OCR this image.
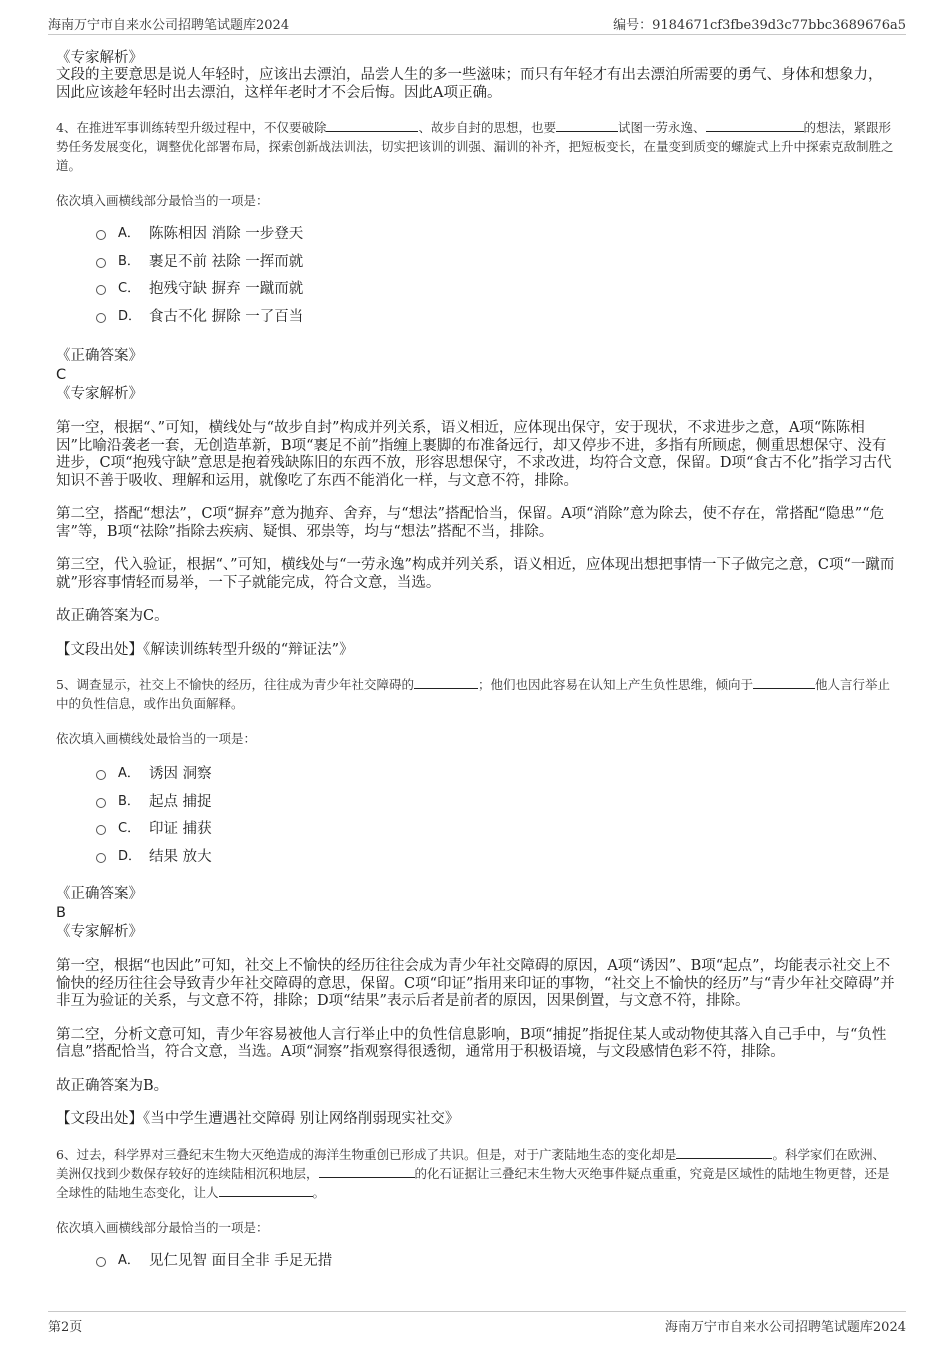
海南万宁市自来水公司招聘笔试题库2024	编号：9184671cf3fbe39d3c77bbc3689676a5

《专家解析》

文段的主要意思是说人年轻时，应该出去漂泊，品尝人生的多一些滋味；而只有年轻才有出去漂泊所需要的勇气、身体和想象力，因此应该趁年轻时出去漂泊，这样年老时才不会后悔。因此A项正确。

4、在推进军事训练转型升级过程中，不仅要破除	、故步自封的思想，也要	试图一劳永逸、	的想法，紧跟形势任务发展变化，调整优化部署布局，探索创新战法训法，切实把该训的训强、漏训的补齐，把短板变长，在量变到质变的螺旋式上升中探索克敌制胜之道。

依次填入画横线部分最恰当的一项是：

A． 陈陈相因 消除 一步登天
B． 裹足不前 祛除 一挥而就
C． 抱残守缺 摒弃 一蹴而就
D． 食古不化 摒除 一了百当

《正确答案》

C

《专家解析》

第一空，根据“、”可知，横线处与“故步自封”构成并列关系，语义相近，应体现出保守，安于现状，不求进步之意，A项“陈陈相因”比喻沿袭老一套，无创造革新，B项“裹足不前”指缠上裹脚的布准备远行，却又停步不进，多指有所顾虑，侧重思想保守、没有进步，C项“抱残守缺”意思是抱着残缺陈旧的东西不放，形容思想保守，不求改进，均符合文意，保留。D项“食古不化”指学习古代知识不善于吸收、理解和运用，就像吃了东西不能消化一样，与文意不符，排除。

第二空，搭配“想法”，C项“摒弃”意为抛弃、舍弃，与“想法”搭配恰当，保留。A项“消除”意为除去，使不存在，常搭配“隐患”“危害”等，B项“祛除”指除去疾病、疑惧、邪祟等，均与“想法”搭配不当，排除。

第三空，代入验证，根据“、”可知，横线处与“一劳永逸”构成并列关系，语义相近，应体现出想把事情一下子做完之意，C项“一蹴而就”形容事情轻而易举，一下子就能完成，符合文意，当选。

故正确答案为C。

【文段出处】《解读训练转型升级的“辩证法”》

5、调查显示，社交上不愉快的经历，往往成为青少年社交障碍的	；他们也因此容易在认知上产生负性思维，倾向于	他人言行举止中的负性信息，或作出负面解释。

依次填入画横线处最恰当的一项是：

A． 诱因 洞察
B． 起点 捕捉
C． 印证 捕获
D． 结果 放大

《正确答案》

B

《专家解析》

第一空，根据“也因此”可知，社交上不愉快的经历往往会成为青少年社交障碍的原因，A项“诱因”、B项“起点”，均能表示社交上不愉快的经历往往会导致青少年社交障碍的意思，保留。C项“印证”指用来印证的事物，“社交上不愉快的经历”与“青少年社交障碍”并非互为验证的关系，与文意不符，排除；D项“结果”表示后者是前者的原因，因果倒置，与文意不符，排除。

第二空，分析文意可知，青少年容易被他人言行举止中的负性信息影响，B项“捕捉”指捉住某人或动物使其落入自己手中，与“负性信息”搭配恰当，符合文意，当选。A项“洞察”指观察得很透彻，通常用于积极语境，与文段感情色彩不符，排除。

故正确答案为B。

【文段出处】《当中学生遭遇社交障碍 别让网络削弱现实社交》

6、过去，科学界对三叠纪末生物大灭绝造成的海洋生物重创已形成了共识。但是，对于广袤陆地生态的变化却是	。科学家们在欧洲、美洲仅找到少数保存较好的连续陆相沉积地层，	的化石证据让三叠纪末生物大灭绝事件疑点重重，究竟是区域性的陆地生物更替，还是全球性的陆地生态变化，让人	。

依次填入画横线部分最恰当的一项是：

A． 见仁见智 面目全非 手足无措
第2页	海南万宁市自来水公司招聘笔试题库2024
